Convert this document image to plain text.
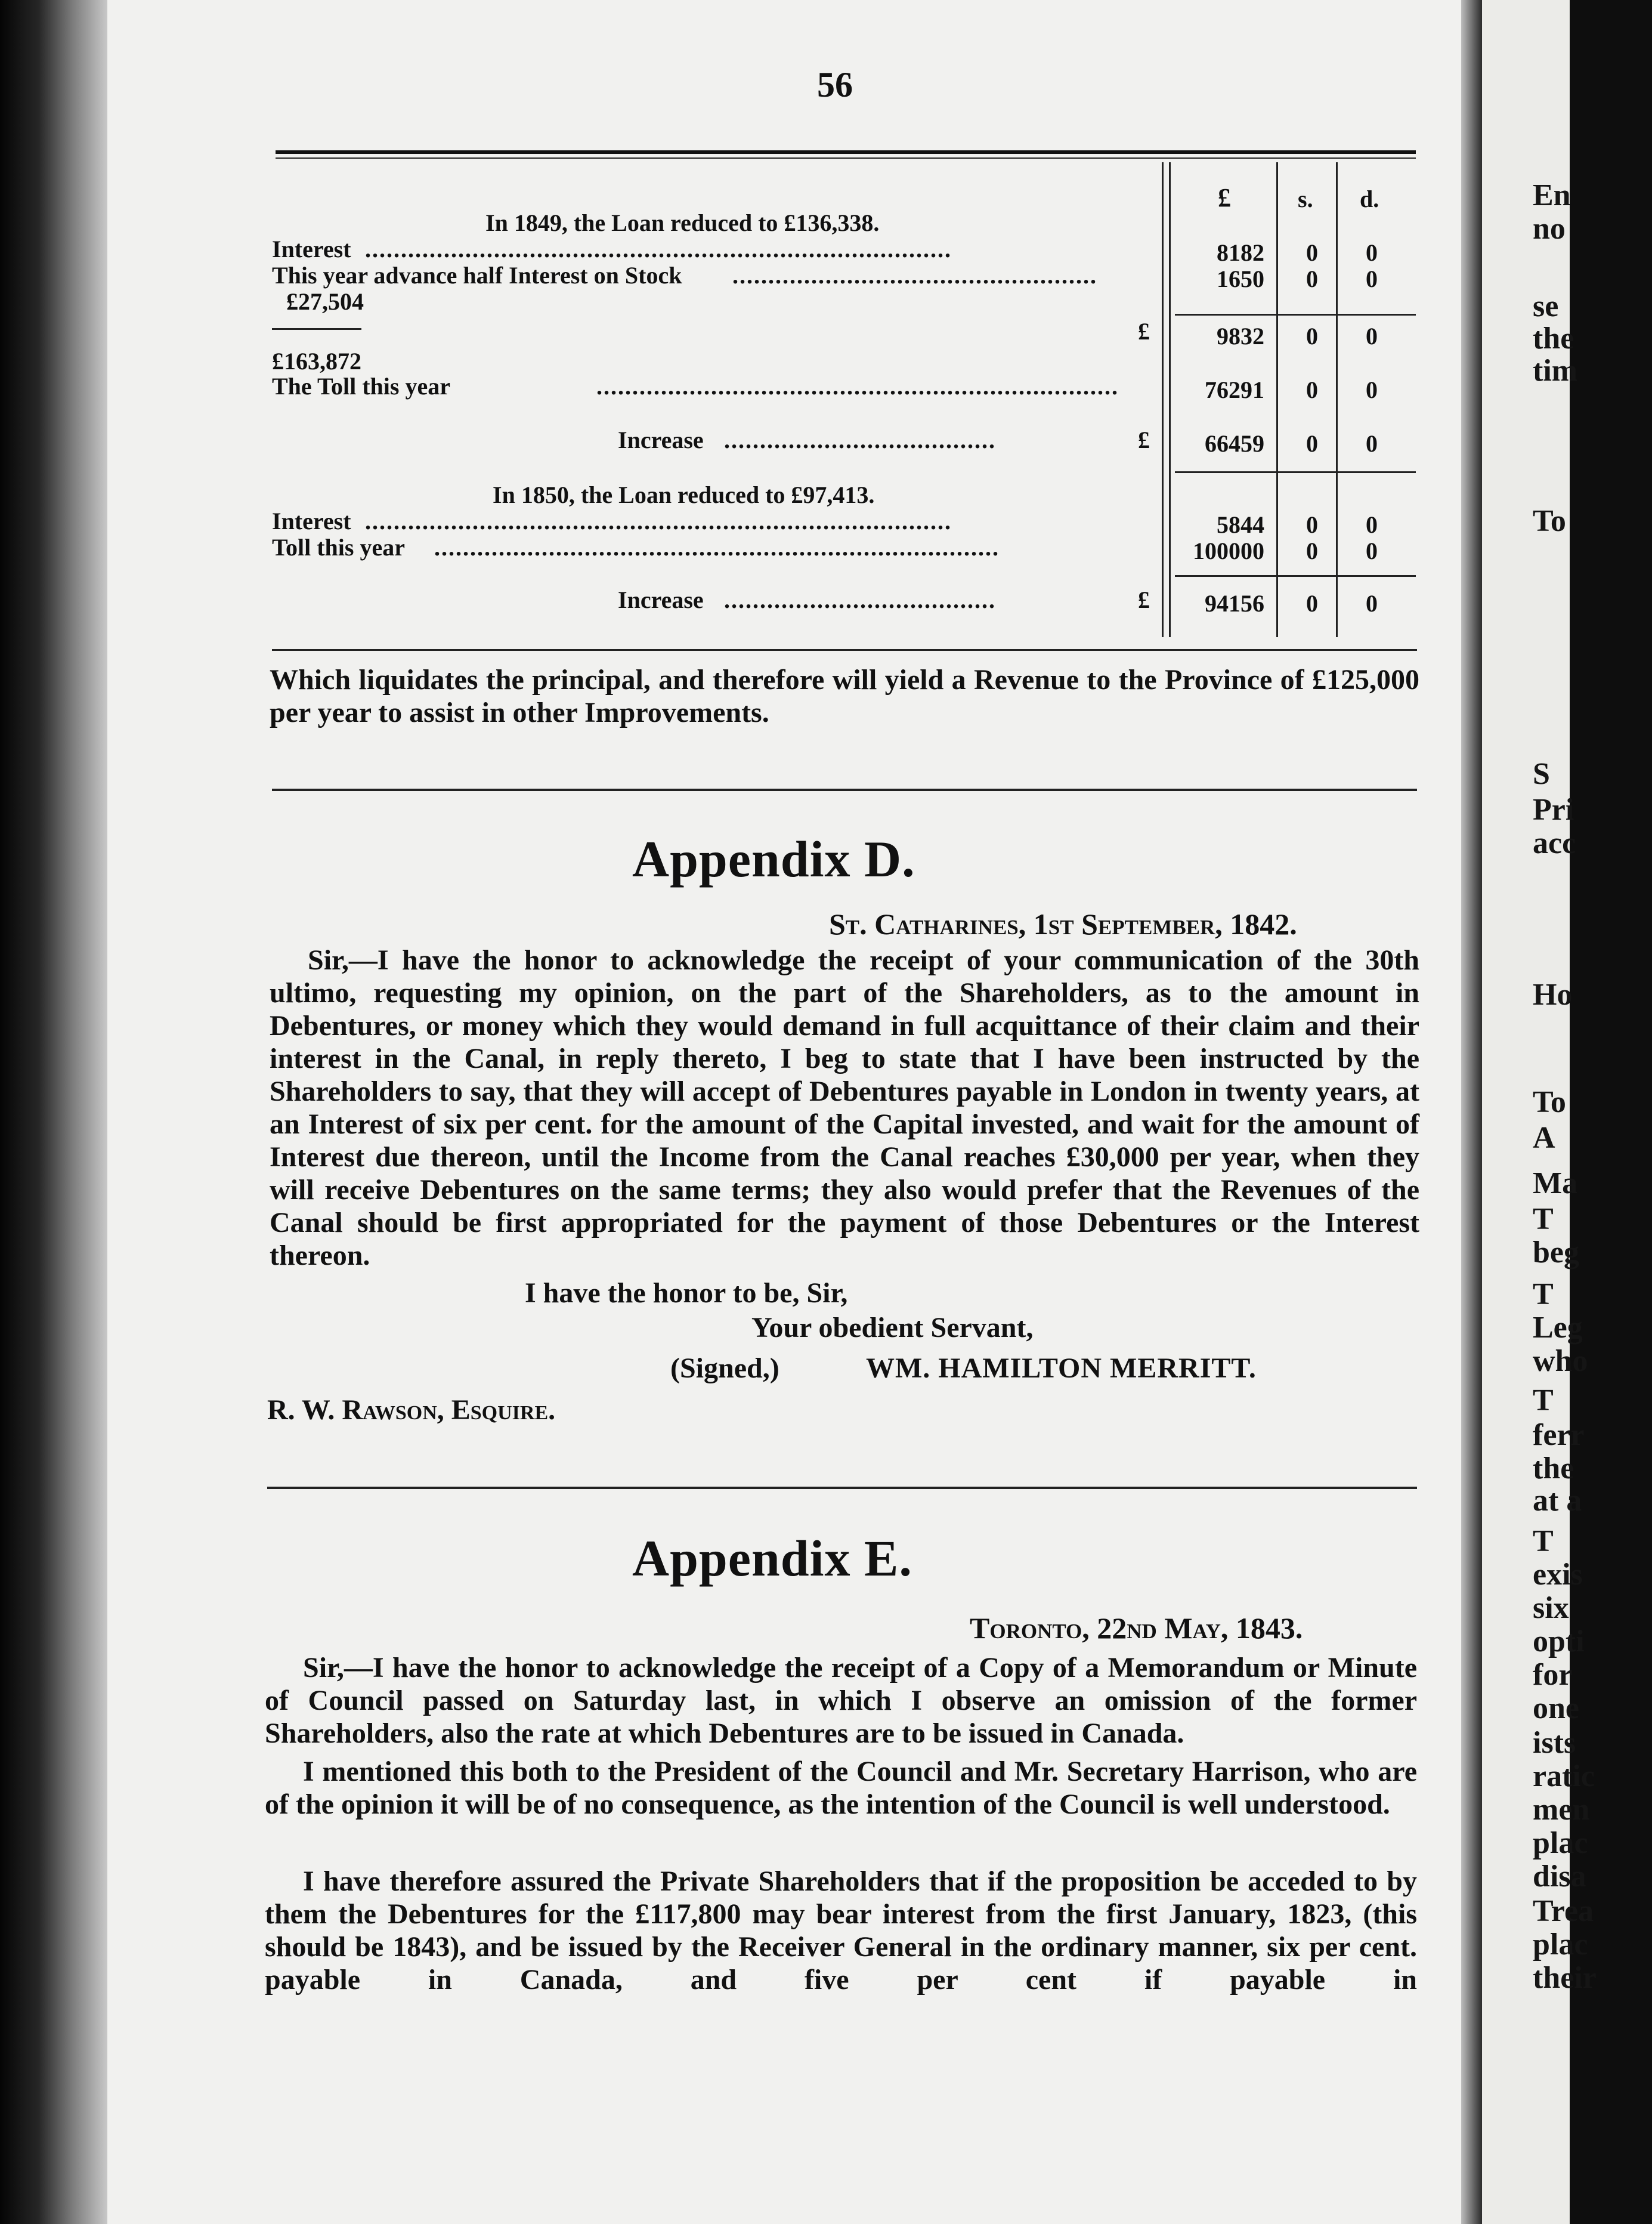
56
£	s. d.
In 1849, the Loan reduced to £136,338.
Interest ..................................................................................	8182	0	0
This year advance half Interest on Stock ...................................................	1650	0	0
£27,504
£	9832	0	0
£163,872
The Toll this year	.........................................................................	76291	0	0
Increase ......................................	£	66459	0	0
In 1850, the Loan reduced to £97,413.
Interest ..................................................................................	5844	0	0
Toll this year ...............................................................................	100000	0	0
Increase ......................................	£	94156	0	0
Which liquidates the principal, and therefore will yield a Revenue to the Province of £125,000 per year to assist in other Improvements.
Appendix D.
St. Catharines, 1st September, 1842.
Sir,—I have the honor to acknowledge the receipt of your communication of the 30th ultimo, requesting my opinion, on the part of the Shareholders, as to the amount in Debentures, or money which they would demand in full acquittance of their claim and their interest in the Canal, in reply thereto, I beg to state that I have been instructed by the Shareholders to say, that they will accept of Debentures payable in London in twenty years, at an Interest of six per cent. for the amount of the Capital invested, and wait for the amount of Interest due thereon, until the Income from the Canal reaches £30,000 per year, when they will receive Debentures on the same terms; they also would prefer that the Revenues of the Canal should be first appropriated for the payment of those Debentures or the Interest thereon.
I have the honor to be, Sir,
Your obedient Servant,
(Signed,)	WM. HAMILTON MERRITT.
R. W. Rawson, Esquire.
Appendix E.
Toronto, 22nd May, 1843.
Sir,—I have the honor to acknowledge the receipt of a Copy of a Memorandum or Minute of Council passed on Saturday last, in which I observe an omission of the former Shareholders, also the rate at which Debentures are to be issued in Canada.
I mentioned this both to the President of the Council and Mr. Secretary Harrison, who are of the opinion it will be of no consequence, as the intention of the Council is well understood.
I have therefore assured the Private Shareholders that if the proposition be acceded to by them the Debentures for the £117,800 may bear interest from the first January, 1823, (this should be 1843), and be issued by the Receiver General in the ordinary manner, six per cent. payable in Canada, and five per cent if payable in
En
no
se
the
tim
To
S
Pri
acc
Ho
To
A
Ma
T
beg
T
Leg
who
T
ferr
the
at a
T
exis
six
opti
for
one
ists
ratic
men
plac
disa
Trea
plac
their
